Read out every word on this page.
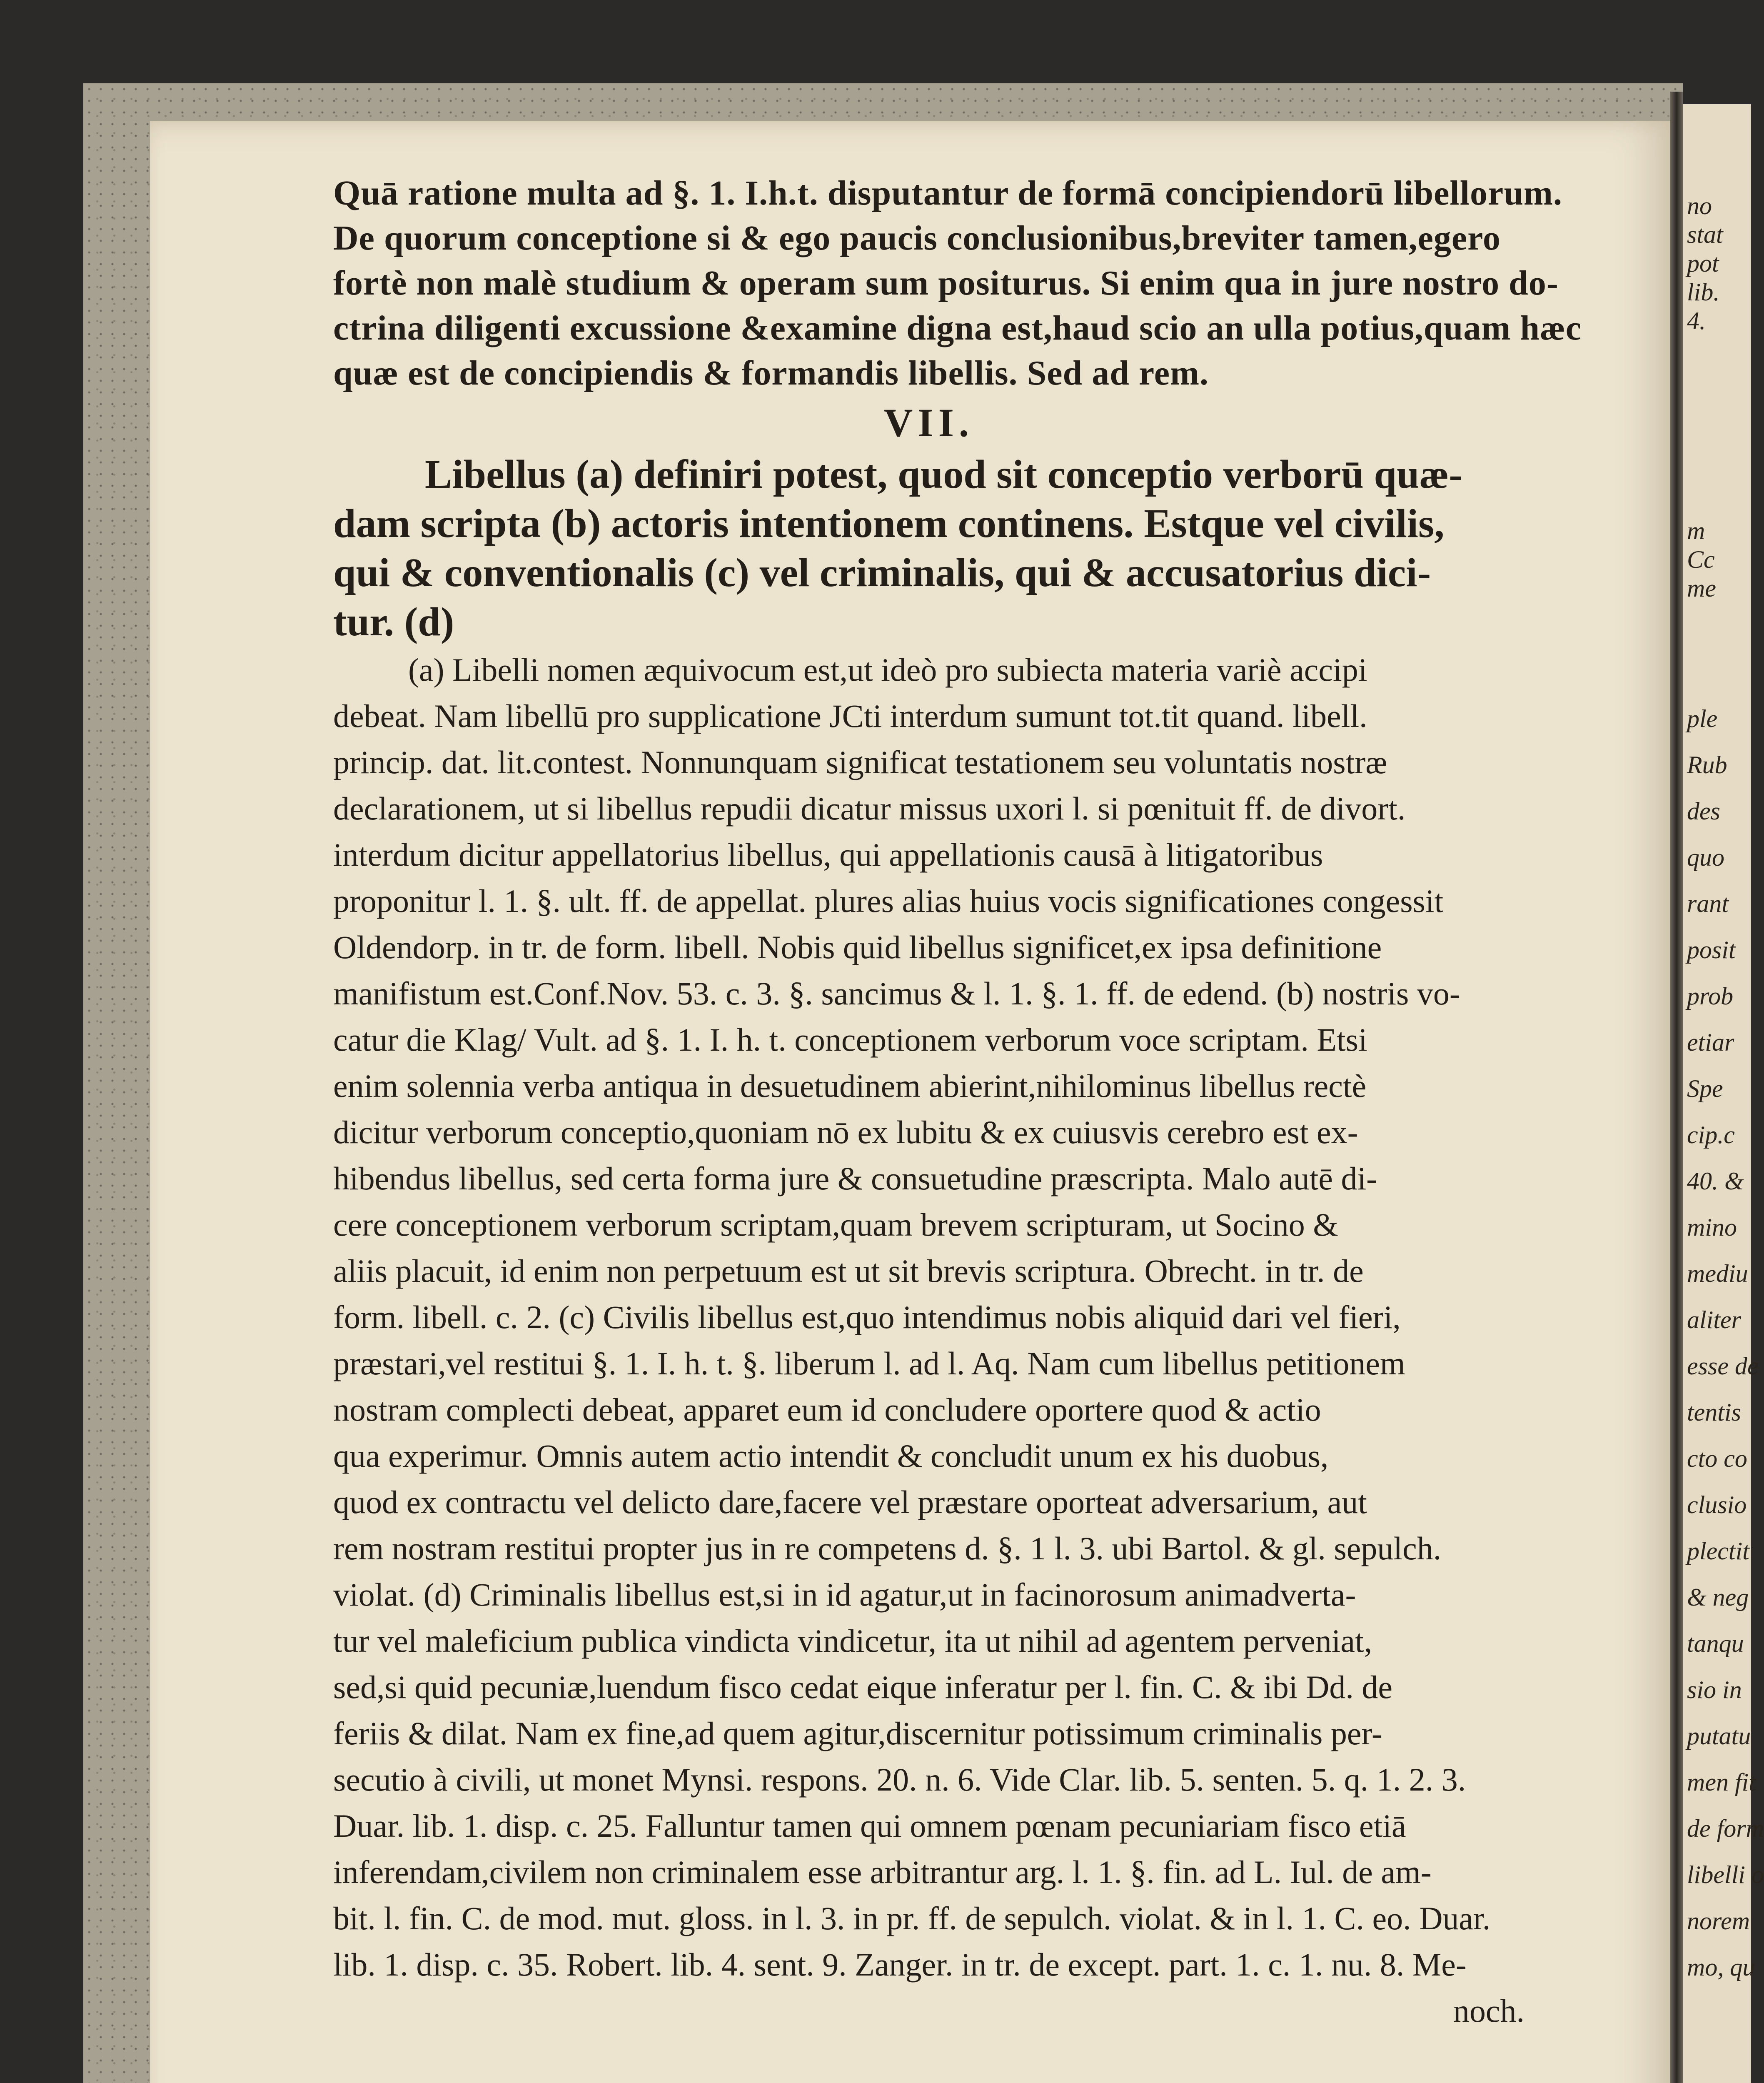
no
stat
pot
lib.
4.
m
Cc
me
ple
Rub
des
quo
rant
posit
prob
etiar
Spe
cip.c
40. &
mino
mediu
aliter
esse de
tentis
cto co
clusio
plectit
& neg
tanqu
sio in
putatu
men fit
de form
libelli o
norem
mo, qu
Quā ratione multa ad §. 1. I.h.t. disputantur de formā concipiendorū libellorum.
De quorum conceptione si & ego paucis conclusionibus,breviter tamen,egero
fortè non malè studium & operam sum positurus. Si enim qua in jure nostro do-
ctrina diligenti excussione &examine digna est,haud scio an ulla potius,quam hæc
quæ est de concipiendis & formandis libellis. Sed ad rem.
VII.
Libellus (a) definiri potest, quod sit conceptio verborū quæ-
dam scripta (b) actoris intentionem continens. Estque vel civilis,
qui & conventionalis (c) vel criminalis, qui & accusatorius dici-
tur. (d)
(a) Libelli nomen æquivocum est,ut ideò pro subiecta materia variè accipi
debeat. Nam libellū pro supplicatione JCti interdum sumunt tot.tit quand. libell.
princip. dat. lit.contest. Nonnunquam significat testationem seu voluntatis nostræ
declarationem, ut si libellus repudii dicatur missus uxori l. si pœnituit ff. de divort.
interdum dicitur appellatorius libellus, qui appellationis causā à litigatoribus
proponitur l. 1. §. ult. ff. de appellat. plures alias huius vocis significationes congessit
Oldendorp. in tr. de form. libell. Nobis quid libellus significet,ex ipsa definitione
manifistum est.Conf.Nov. 53. c. 3. §. sancimus & l. 1. §. 1. ff. de edend. (b) nostris vo-
catur die Klag/ Vult. ad §. 1. I. h. t. conceptionem verborum voce scriptam. Etsi
enim solennia verba antiqua in desuetudinem abierint,nihilominus libellus rectè
dicitur verborum conceptio,quoniam nō ex lubitu & ex cuiusvis cerebro est ex-
hibendus libellus, sed certa forma jure & consuetudine præscripta. Malo autē di-
cere conceptionem verborum scriptam,quam brevem scripturam, ut Socino &
aliis placuit, id enim non perpetuum est ut sit brevis scriptura. Obrecht. in tr. de
form. libell. c. 2. (c) Civilis libellus est,quo intendimus nobis aliquid dari vel fieri,
præstari,vel restitui §. 1. I. h. t. §. liberum l. ad l. Aq. Nam cum libellus petitionem
nostram complecti debeat, apparet eum id concludere oportere quod & actio
qua experimur. Omnis autem actio intendit & concludit unum ex his duobus,
quod ex contractu vel delicto dare,facere vel præstare oporteat adversarium, aut
rem nostram restitui propter jus in re competens d. §. 1 l. 3. ubi Bartol. & gl. sepulch.
violat. (d) Criminalis libellus est,si in id agatur,ut in facinorosum animadverta-
tur vel maleficium publica vindicta vindicetur, ita ut nihil ad agentem perveniat,
sed,si quid pecuniæ,luendum fisco cedat eique inferatur per l. fin. C. & ibi Dd. de
feriis & dilat. Nam ex fine,ad quem agitur,discernitur potissimum criminalis per-
secutio à civili, ut monet Mynsi. respons. 20. n. 6. Vide Clar. lib. 5. senten. 5. q. 1. 2. 3.
Duar. lib. 1. disp. c. 25. Falluntur tamen qui omnem pœnam pecuniariam fisco etiā
inferendam,civilem non criminalem esse arbitrantur arg. l. 1. §. fin. ad L. Iul. de am-
bit. l. fin. C. de mod. mut. gloss. in l. 3. in pr. ff. de sepulch. violat. & in l. 1. C. eo. Duar.
lib. 1. disp. c. 35. Robert. lib. 4. sent. 9. Zanger. in tr. de except. part. 1. c. 1. nu. 8. Me-
noch.
